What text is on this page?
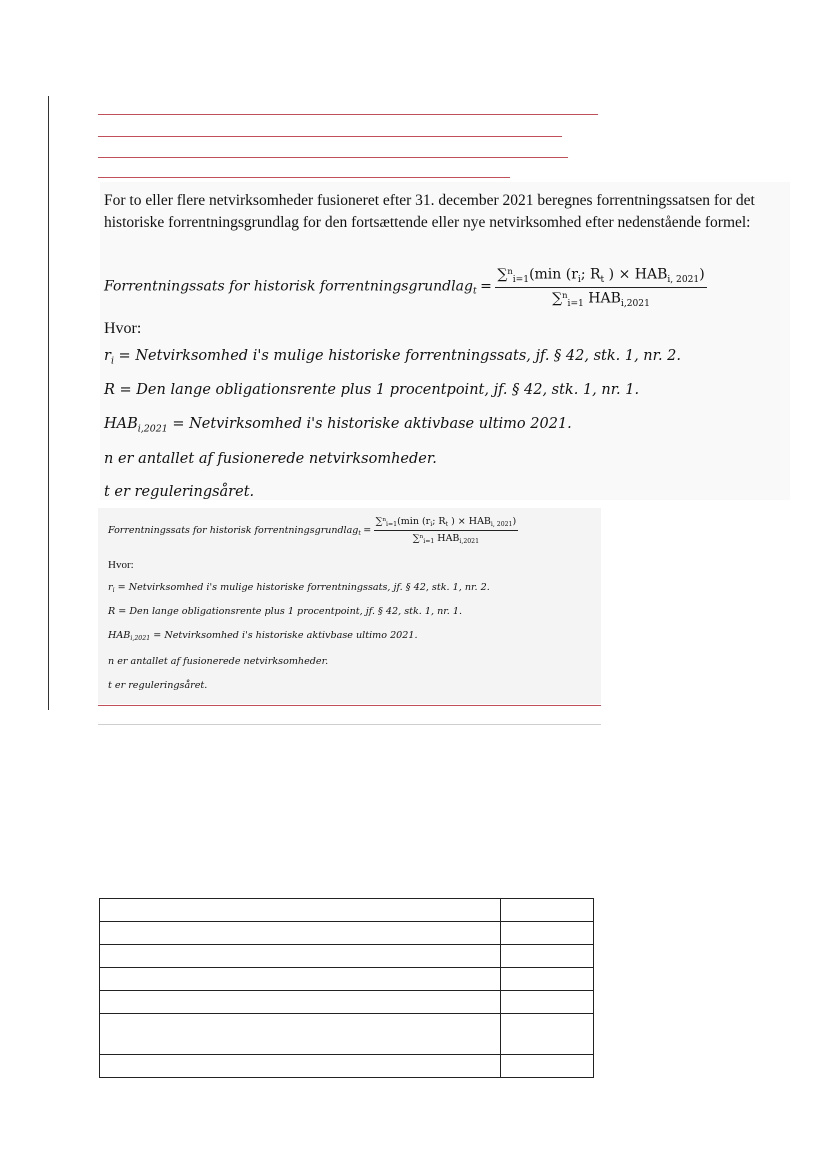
For to eller flere netvirksomheder fusioneret efter 31. december 2021 beregnes forrentningssatsen for det historiske forrentningsgrundlag for den fortsættende eller nye netvirksomhed efter nedenstående formel:
Forrentningssats for historisk forrentningsgrundlag$_t$ = $\frac{\sum^n_{i=1}(\min (r_i; R_t ) \times HAB_{i, 2021})}{\sum^n_{i=1} HAB_{i,2021}}$
Hvor:
$r_i$ = Netvirksomhed i's mulige historiske forrentningssats, jf. § 42, stk. 1, nr. 2.
R = Den lange obligationsrente plus 1 procentpoint, jf. § 42, stk. 1, nr. 1.
$HAB_{i,2021}$ = Netvirksomhed i's historiske aktivbase ultimo 2021.
n er antallet af fusionerede netvirksomheder.
t er reguleringsåret.
Forrentningssats for historisk forrentningsgrundlag$_t$ = $\frac{\sum^n_{i=1}(\min (r_i; R_t ) \times HAB_{i, 2021})}{\sum^n_{i=1} HAB_{i,2021}}$
Hvor:
$r_i$ = Netvirksomhed i's mulige historiske forrentningssats, jf. § 42, stk. 1, nr. 2.
R = Den lange obligationsrente plus 1 procentpoint, jf. § 42, stk. 1, nr. 1.
$HAB_{i,2021}$ = Netvirksomhed i's historiske aktivbase ultimo 2021.
n er antallet af fusionerede netvirksomheder.
t er reguleringsåret.
